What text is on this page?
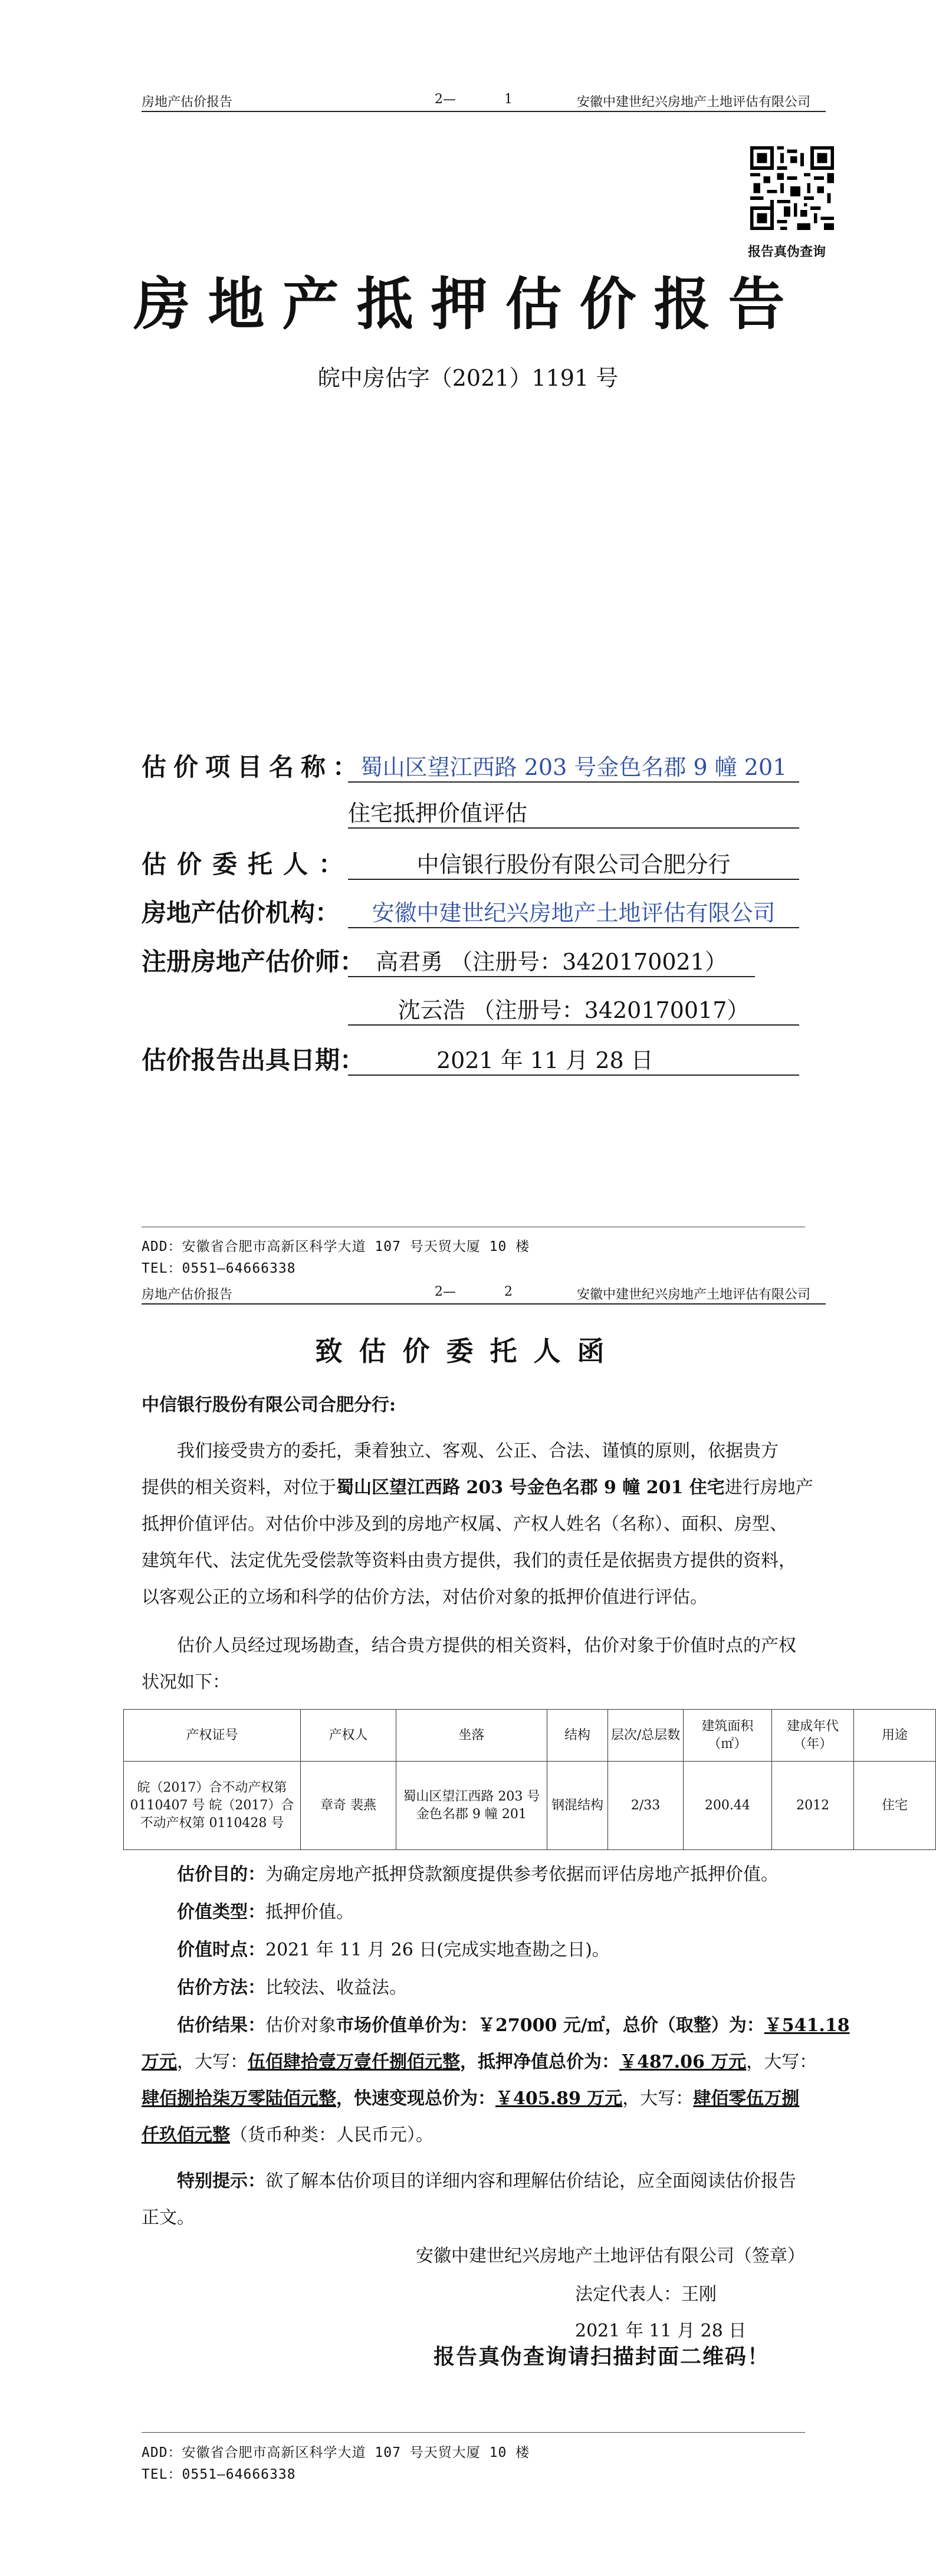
房地产估价报告	2—	1	安徽中建世纪兴房地产土地评估有限公司
报告真伪查询
房地产抵押估价报告
皖中房估字（2021）1191 号
估价项目名称：
蜀山区望江西路 203 号金色名郡 9 幢 201
住宅抵押价值评估
估价委托人：	中信银行股份有限公司合肥分行
房地产估价机构：	安徽中建世纪兴房地产土地评估有限公司
注册房地产估价师： 高君勇 （注册号：3420170021）
沈云浩 （注册号：3420170017）
估价报告出具日期：	2021 年 11 月 28 日
ADD：安徽省合肥市高新区科学大道 107 号天贸大厦 10 楼
TEL：0551—64666338
房地产估价报告	2—	2	安徽中建世纪兴房地产土地评估有限公司
致估价委托人函
中信银行股份有限公司合肥分行:
我们接受贵方的委托，秉着独立、客观、公正、合法、谨慎的原则，依据贵方
提供的相关资料，对位于蜀山区望江西路 203 号金色名郡 9 幢 201 住宅进行房地产
抵押价值评估。对估价中涉及到的房地产权属、产权人姓名（名称）、面积、房型、
建筑年代、法定优先受偿款等资料由贵方提供，我们的责任是依据贵方提供的资料，
以客观公正的立场和科学的估价方法，对估价对象的抵押价值进行评估。
估价人员经过现场勘查，结合贵方提供的相关资料，估价对象于价值时点的产权
状况如下：
产权证号	产权人	坐落	结构	层次/总层数	建筑面积（㎡）	建成年代（年）	用途
皖（2017）合不动产权第 0110407 号 皖（2017）合不动产权第 0110428 号	章奇 裴燕	蜀山区望江西路 203 号金色名郡 9 幢 201	钢混结构	2/33	200.44	2012	住宅
估价目的：为确定房地产抵押贷款额度提供参考依据而评估房地产抵押价值。
价值类型：抵押价值。
价值时点：2021 年 11 月 26 日(完成实地查勘之日)。
估价方法：比较法、收益法。
估价结果：估价对象市场价值单价为：￥27000 元/㎡，总价（取整）为：￥541.18
万元，大写：伍佰肆拾壹万壹仟捌佰元整，抵押净值总价为：￥487.06 万元，大写：
肆佰捌拾柒万零陆佰元整，快速变现总价为：￥405.89 万元，大写：肆佰零伍万捌
仟玖佰元整（货币种类：人民币元）。
特别提示：欲了解本估价项目的详细内容和理解估价结论，应全面阅读估价报告
正文。
安徽中建世纪兴房地产土地评估有限公司（签章）
法定代表人：王刚
2021 年 11 月 28 日
报告真伪查询请扫描封面二维码！
ADD：安徽省合肥市高新区科学大道 107 号天贸大厦 10 楼
TEL：0551—64666338
